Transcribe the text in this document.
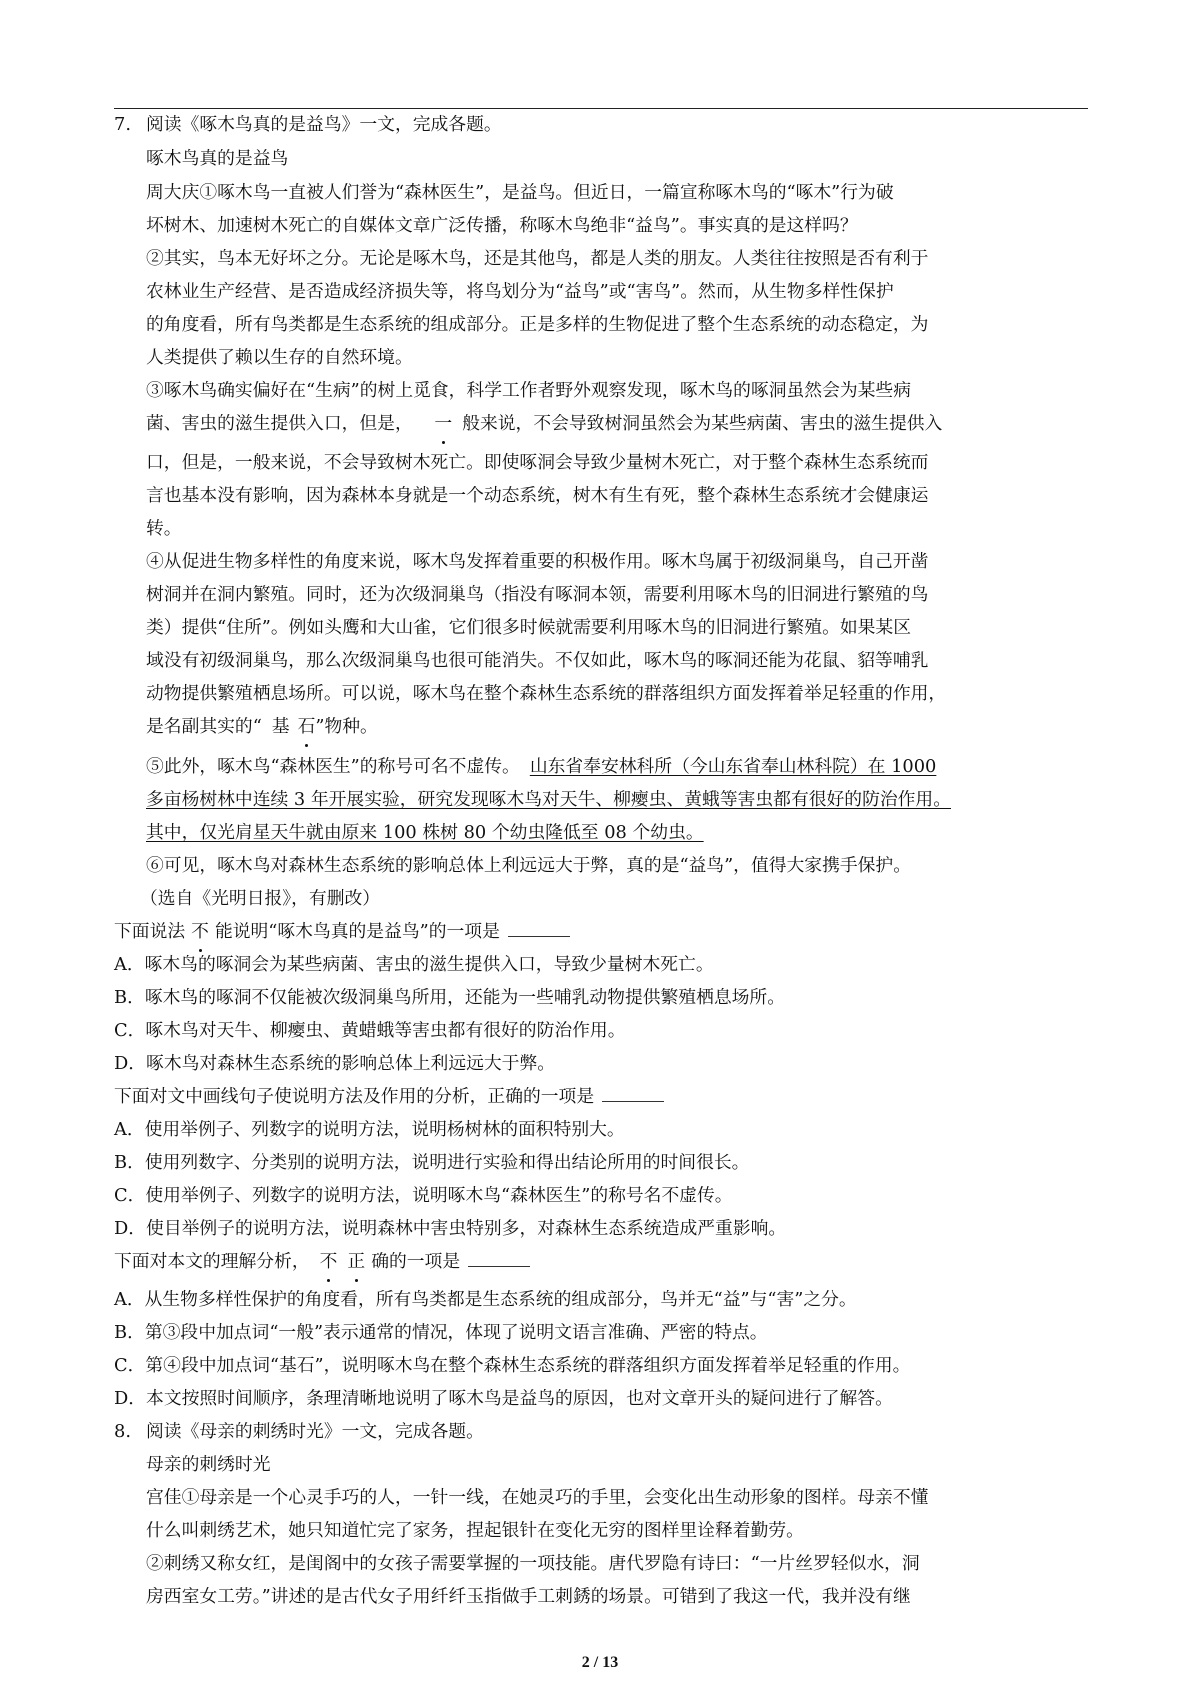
7. 阅读《啄木鸟真的是益鸟》一文，完成各题。
啄木鸟真的是益鸟
周大庆①啄木鸟一直被人们誉为“森林医生”，是益鸟。但近日，一篇宣称啄木鸟的“啄木”行为破
坏树木、加速树木死亡的自媒体文章广泛传播，称啄木鸟绝非“益鸟”。事实真的是这样吗？
②其实，鸟本无好坏之分。无论是啄木鸟，还是其他鸟，都是人类的朋友。人类往往按照是否有利于
农林业生产经营、是否造成经济损失等，将鸟划分为“益鸟”或“害鸟”。然而，从生物多样性保护
的角度看，所有鸟类都是生态系统的组成部分。正是多样的生物促进了整个生态系统的动态稳定，为
人类提供了赖以生存的自然环境。
③啄木鸟确实偏好在“生病”的树上觅食，科学工作者野外观察发现，啄木鸟的啄洞虽然会为某些病
菌、害虫的滋生提供入口，但是， 一 般来说，不会导致树洞虽然会为某些病菌、害虫的滋生提供入
口，但是，一般来说，不会导致树木死亡。即使啄洞会导致少量树木死亡，对于整个森林生态系统而
言也基本没有影响，因为森林本身就是一个动态系统，树木有生有死，整个森林生态系统才会健康运
转。
④从促进生物多样性的角度来说，啄木鸟发挥着重要的积极作用。啄木鸟属于初级洞巢鸟，自己开凿
树洞并在洞内繁殖。同时，还为次级洞巢鸟（指没有啄洞本领，需要利用啄木鸟的旧洞进行繁殖的鸟
类）提供“住所”。例如头鹰和大山雀，它们很多时候就需要利用啄木鸟的旧洞进行繁殖。如果某区
域没有初级洞巢鸟，那么次级洞巢鸟也很可能消失。不仅如此，啄木鸟的啄洞还能为花鼠、貂等哺乳
动物提供繁殖栖息场所。可以说，啄木鸟在整个森林生态系统的群落组织方面发挥着举足轻重的作用，
是名副其实的“ 基 石”物种。
⑤此外，啄木鸟“森林医生”的称号可名不虚传。 山东省奉安林科所（今山东省奉山林科院）在 1000
多亩杨树林中连续 3 年开展实验，研究发现啄木鸟对天牛、柳瘿虫、黄蛾等害虫都有很好的防治作用。
其中，仅光肩星天牛就由原来 100 株树 80 个幼虫隆低至 08 个幼虫。
⑥可见，啄木鸟对森林生态系统的影响总体上利远远大于弊，真的是“益鸟”，值得大家携手保护。
（选自《光明日报》，有删改）
下面说法 不 能说明“啄木鸟真的是益鸟”的一项是
A．啄木鸟的啄洞会为某些病菌、害虫的滋生提供入口，导致少量树木死亡。
B．啄木鸟的啄洞不仅能被次级洞巢鸟所用，还能为一些哺乳动物提供繁殖栖息场所。
C．啄木鸟对天牛、柳瘿虫、黄蜡蛾等害虫都有很好的防治作用。
D．啄木鸟对森林生态系统的影响总体上利远远大于弊。
下面对文中画线句子使说明方法及作用的分析，正确的一项是
A．使用举例子、列数字的说明方法，说明杨树林的面积特别大。
B．使用列数字、分类别的说明方法，说明进行实验和得出结论所用的时间很长。
C．使用举例子、列数字的说明方法，说明啄木鸟“森林医生”的称号名不虚传。
D．使目举例子的说明方法，说明森林中害虫特别多，对森林生态系统造成严重影响。
下面对本文的理解分析， 不 正 确的一项是
A．从生物多样性保护的角度看，所有鸟类都是生态系统的组成部分，鸟并无“益”与“害”之分。
B．第③段中加点词“一般”表示通常的情况，体现了说明文语言准确、严密的特点。
C．第④段中加点词“基石”，说明啄木鸟在整个森林生态系统的群落组织方面发挥着举足轻重的作用。
D．本文按照时间顺序，条理清晰地说明了啄木鸟是益鸟的原因，也对文章开头的疑问进行了解答。
8. 阅读《母亲的刺绣时光》一文，完成各题。
母亲的刺绣时光
宫佳①母亲是一个心灵手巧的人，一针一线，在她灵巧的手里，会变化出生动形象的图样。母亲不懂
什么叫刺绣艺术，她只知道忙完了家务，捏起银针在变化无穷的图样里诠释着勤劳。
②刺绣又称女红，是闺阁中的女孩子需要掌握的一项技能。唐代罗隐有诗曰：“一片丝罗轻似水，洞
房西室女工劳。”讲述的是古代女子用纤纤玉指做手工刺銹的场景。可错到了我这一代，我并没有继
2 / 13
